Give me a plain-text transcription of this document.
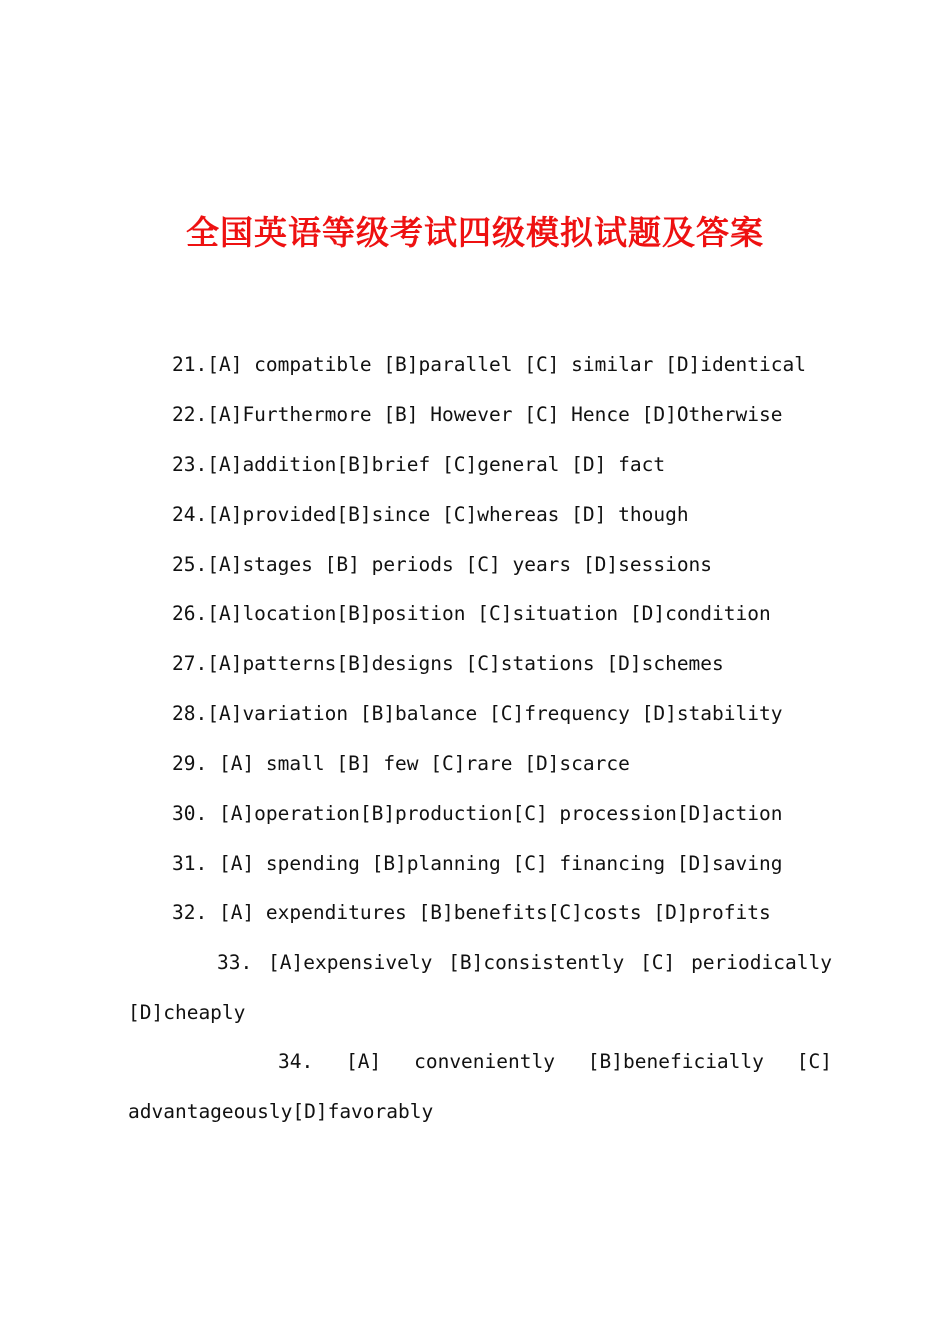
全国英语等级考试四级模拟试题及答案
21.[A] compatible [B]parallel [C] similar [D]identical
22.[A]Furthermore [B] However [C] Hence [D]Otherwise
23.[A]addition[B]brief [C]general [D] fact
24.[A]provided[B]since [C]whereas [D] though
25.[A]stages [B] periods [C] years [D]sessions
26.[A]location[B]position [C]situation [D]condition
27.[A]patterns[B]designs [C]stations [D]schemes
28.[A]variation [B]balance [C]frequency [D]stability
29. [A] small [B] few [C]rare [D]scarce
30. [A]operation[B]production[C] procession[D]action
31. [A] spending [B]planning [C] financing [D]saving
32. [A] expenditures [B]benefits[C]costs [D]profits
33. [A]expensively [B]consistently [C] periodically
[D]cheaply
34. [A] conveniently [B]beneficially [C]
advantageously[D]favorably
